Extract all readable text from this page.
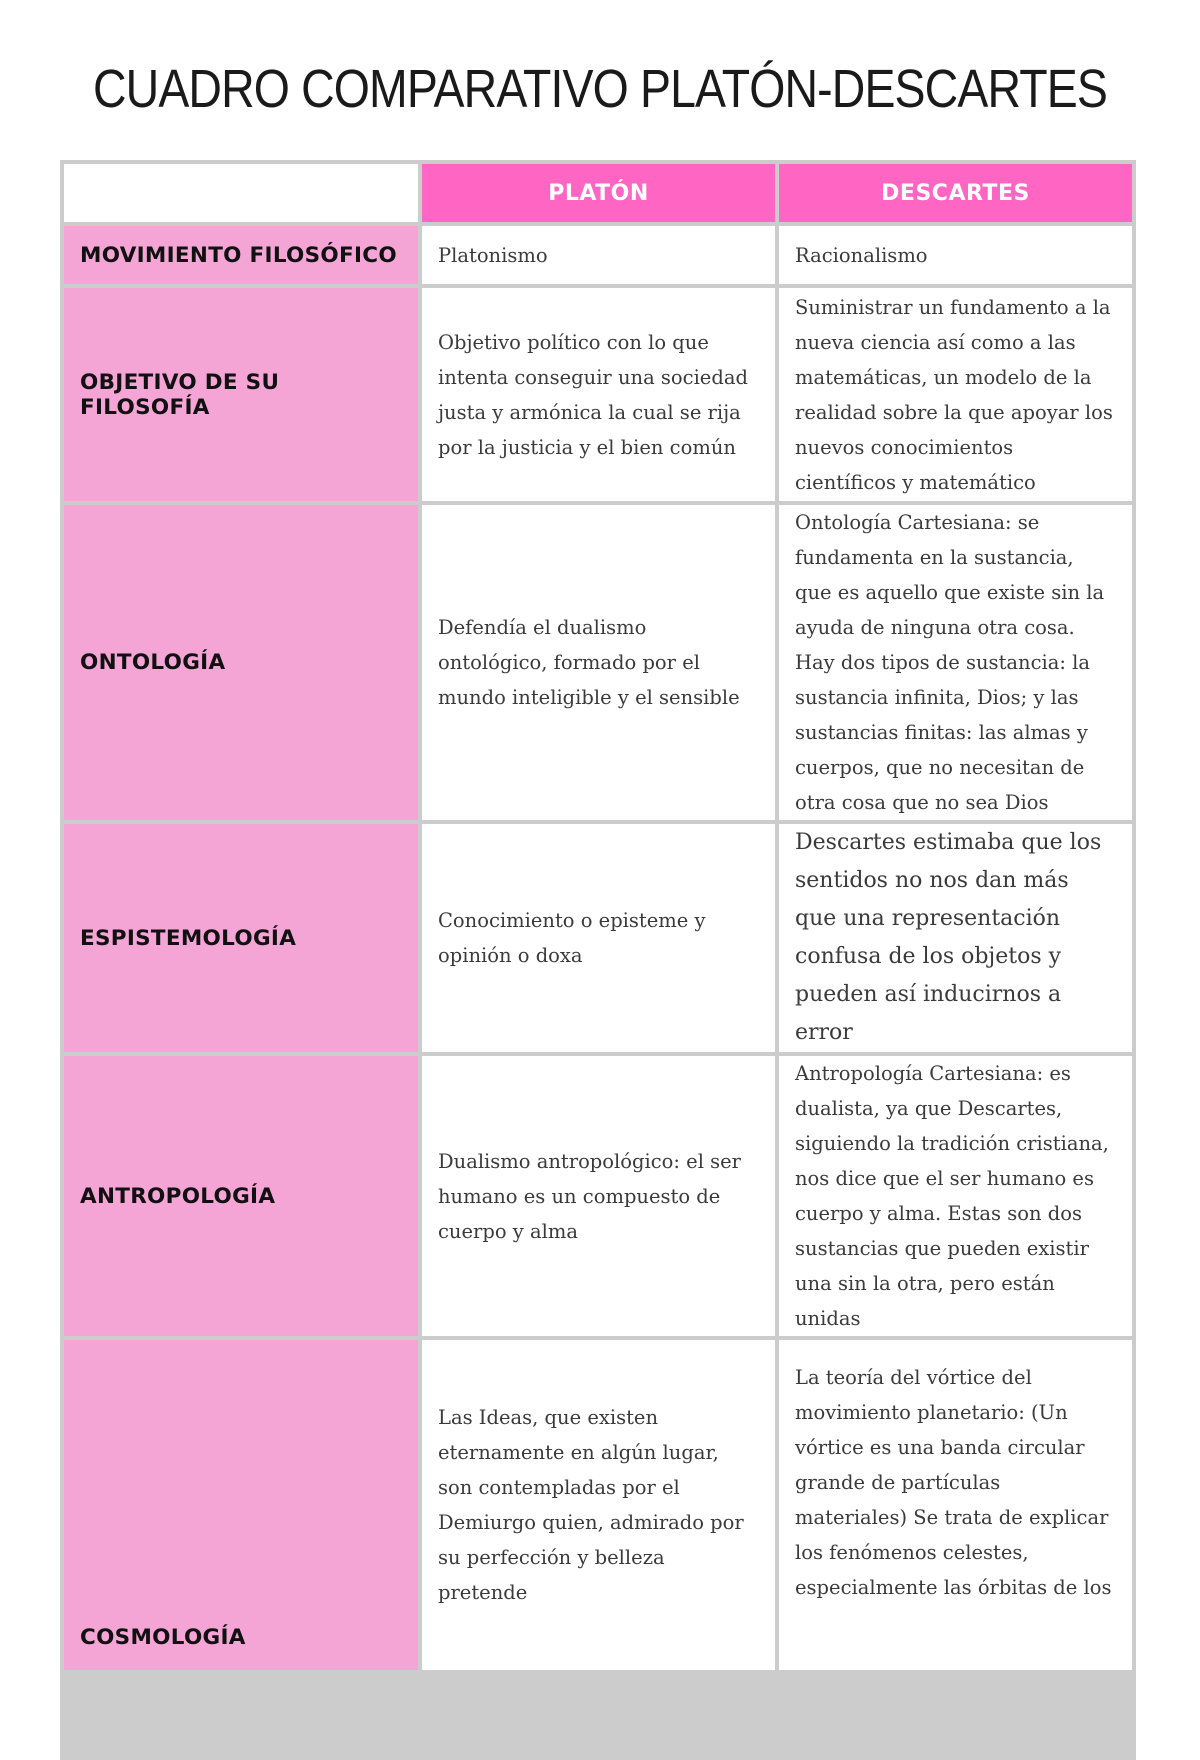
CUADRO COMPARATIVO PLATÓN-DESCARTES
	PLATÓN	DESCARTES
MOVIMIENTO FILOSÓFICO	Platonismo	Racionalismo
OBJETIVO DE SU FILOSOFÍA	Objetivo político con lo que intenta conseguir una sociedad justa y armónica la cual se rija por la justicia y el bien común	Suministrar un fundamento a la nueva ciencia así como a las matemáticas, un modelo de la realidad sobre la que apoyar los nuevos conocimientos científicos y matemático
ONTOLOGÍA	Defendía el dualismo ontológico, formado por el mundo inteligible y el sensible	Ontología Cartesiana: se fundamenta en la sustancia, que es aquello que existe sin la ayuda de ninguna otra cosa. Hay dos tipos de sustancia: la sustancia infinita, Dios; y las sustancias finitas: las almas y cuerpos, que no necesitan de otra cosa que no sea Dios
ESPISTEMOLOGÍA	Conocimiento o episteme y opinión o doxa	Descartes estimaba que los sentidos no nos dan más que una representación confusa de los objetos y pueden así inducirnos a error
ANTROPOLOGÍA	Dualismo antropológico: el ser humano es un compuesto de cuerpo y alma	Antropología Cartesiana: es dualista, ya que Descartes, siguiendo la tradición cristiana, nos dice que el ser humano es cuerpo y alma. Estas son dos sustancias que pueden existir una sin la otra, pero están unidas
COSMOLOGÍA	Las Ideas, que existen eternamente en algún lugar, son contempladas por el Demiurgo quien, admirado por su perfección y belleza pretende	La teoría del vórtice del movimiento planetario: (Un vórtice es una banda circular grande de partículas materiales) Se trata de explicar los fenómenos celestes, especialmente las órbitas de los
